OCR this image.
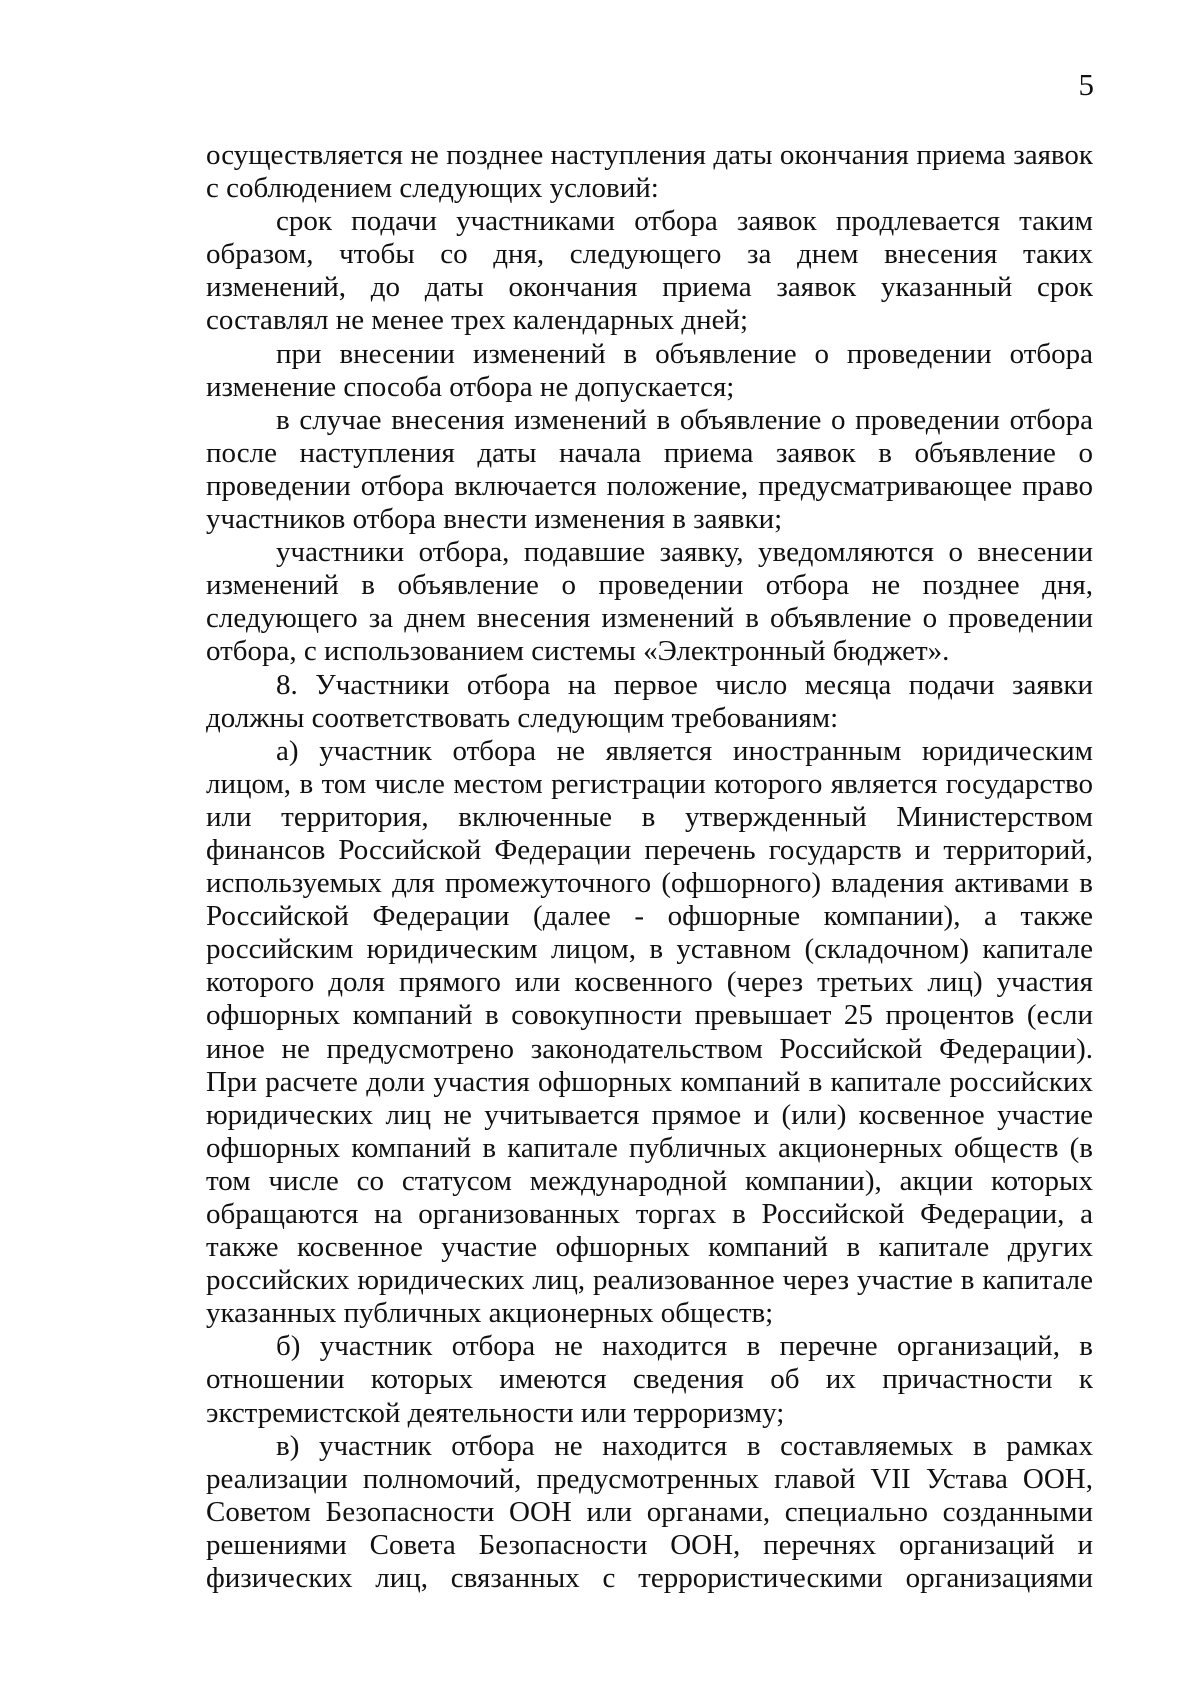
5

осуществляется не позднее наступления даты окончания приема заявок с соблюдением следующих условий:

срок подачи участниками отбора заявок продлевается таким образом, чтобы со дня, следующего за днем внесения таких изменений, до даты окончания приема заявок указанный срок составлял не менее трех календарных дней;

при внесении изменений в объявление о проведении отбора изменение способа отбора не допускается;

в случае внесения изменений в объявление о проведении отбора после наступления даты начала приема заявок в объявление о проведении отбора включается положение, предусматривающее право участников отбора внести изменения в заявки;

участники отбора, подавшие заявку, уведомляются о внесении изменений в объявление о проведении отбора не позднее дня, следующего за днем внесения изменений в объявление о проведении отбора, с использованием системы «Электронный бюджет».

8. Участники отбора на первое число месяца подачи заявки должны соответствовать следующим требованиям:

а) участник отбора не является иностранным юридическим лицом, в том числе местом регистрации которого является государство или территория, включенные в утвержденный Министерством финансов Российской Федерации перечень государств и территорий, используемых для промежуточного (офшорного) владения активами в Российской Федерации (далее - офшорные компании), а также российским юридическим лицом, в уставном (складочном) капитале которого доля прямого или косвенного (через третьих лиц) участия офшорных компаний в совокупности превышает 25 процентов (если иное не предусмотрено законодательством Российской Федерации). При расчете доли участия офшорных компаний в капитале российских юридических лиц не учитывается прямое и (или) косвенное участие офшорных компаний в капитале публичных акционерных обществ (в том числе со статусом международной компании), акции которых обращаются на организованных торгах в Российской Федерации, а также косвенное участие офшорных компаний в капитале других российских юридических лиц, реализованное через участие в капитале указанных публичных акционерных обществ;

б) участник отбора не находится в перечне организаций, в отношении которых имеются сведения об их причастности к экстремистской деятельности или терроризму;

в) участник отбора не находится в составляемых в рамках реализации полномочий, предусмотренных главой VII Устава ООН, Советом Безопасности ООН или органами, специально созданными решениями Совета Безопасности ООН, перечнях организаций и физических лиц, связанных с террористическими организациями
